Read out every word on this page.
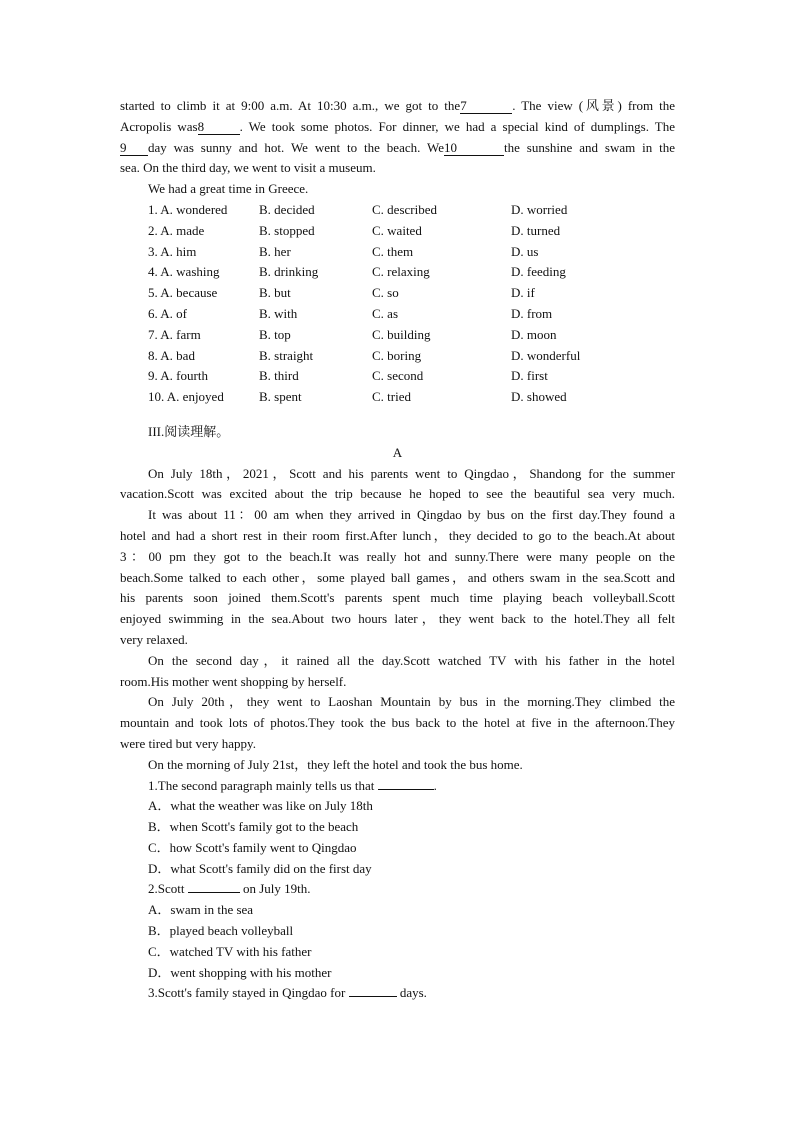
started to climb it at 9:00 a.m. At 10:30 a.m., we got to the7	. The view (风景) from the
Acropolis was8	. We took some photos. For dinner, we had a special kind of dumplings. The
9 day was sunny and hot. We went to the beach. We10	the sunshine and swam in the
sea. On the third day, we went to visit a museum.
We had a great time in Greece.
1. A. wondered B. decided	C. described	D. worried
2. A. made	B. stopped	C. waited	D. turned
3. A. him	B. her	C. them	D. us
4. A. washing	B. drinking	C. relaxing	D. feeding
5. A. because	B. but	C. so	D. if
6. A. of	B. with	C. as	D. from
7. A. farm	B. top	C. building	D. moon
8. A. bad	B. straight	C. boring	D. wonderful
9. A. fourth	B. third	C. second	D. first
10. A. enjoyed	B. spent	C. tried	D. showed
III.阅读理解。
A
On July 18th，2021，Scott and his parents went to Qingdao，Shandong for the summer
vacation.Scott was excited about the trip because he hoped to see the beautiful sea very much.
It was about 11：00 am when they arrived in Qingdao by bus on the first day.They found a
hotel and had a short rest in their room first.After lunch，they decided to go to the beach.At about
3：00 pm they got to the beach.It was really hot and sunny.There were many people on the
beach.Some talked to each other，some played ball games，and others swam in the sea.Scott and
his parents soon joined them.Scott's parents spent much time playing beach volleyball.Scott
enjoyed swimming in the sea.About two hours later，they went back to the hotel.They all felt
very relaxed.
On the second day，it rained all the day.Scott watched TV with his father in the hotel
room.His mother went shopping by herself.
On July 20th，they went to Laoshan Mountain by bus in the morning.They climbed the
mountain and took lots of photos.They took the bus back to the hotel at five in the afternoon.They
were tired but very happy.
On the morning of July 21st，they left the hotel and took the bus home.
1.The second paragraph mainly tells us that	.
A．what the weather was like on July 18th
B．when Scott's family got to the beach
C．how Scott's family went to Qingdao
D．what Scott's family did on the first day
2.Scott	on July 19th.
A．swam in the sea
B．played beach volleyball
C．watched TV with his father
D．went shopping with his mother
3.Scott's family stayed in Qingdao for	days.
